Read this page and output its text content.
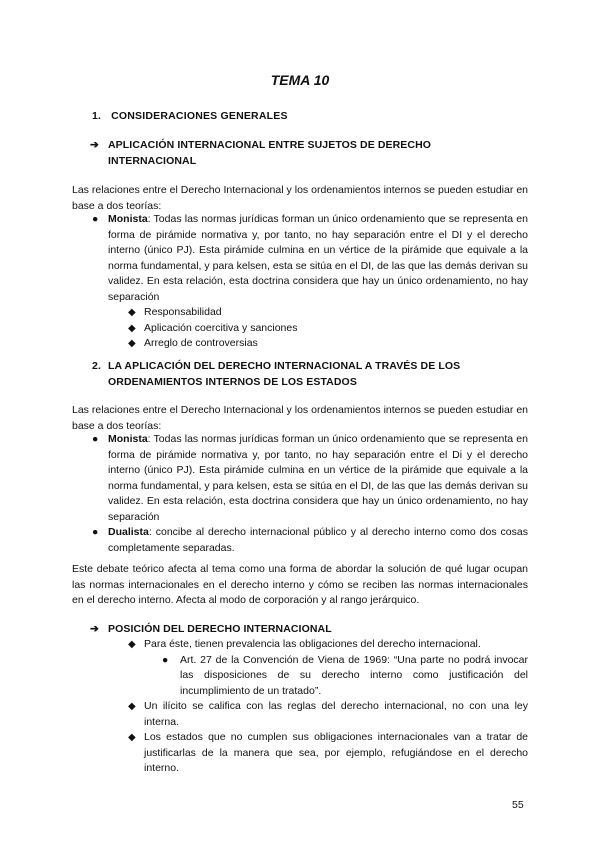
TEMA 10
1. CONSIDERACIONES GENERALES
➔ APLICACIÓN INTERNACIONAL ENTRE SUJETOS DE DERECHO INTERNACIONAL
Las relaciones entre el Derecho Internacional y los ordenamientos internos se pueden estudiar en base a dos teorías:
● Monista: Todas las normas jurídicas forman un único ordenamiento que se representa en forma de pirámide normativa y, por tanto, no hay separación entre el DI y el derecho interno (único PJ). Esta pirámide culmina en un vértice de la pirámide que equivale a la norma fundamental, y para kelsen, esta se sitúa en el DI, de las que las demás derivan su validez. En esta relación, esta doctrina considera que hay un único ordenamiento, no hay separación
◆ Responsabilidad
◆ Aplicación coercitiva y sanciones
◆ Arreglo de controversias
2. LA APLICACIÓN DEL DERECHO INTERNACIONAL A TRAVÉS DE LOS ORDENAMIENTOS INTERNOS DE LOS ESTADOS
Las relaciones entre el Derecho Internacional y los ordenamientos internos se pueden estudiar en base a dos teorías:
● Monista: Todas las normas jurídicas forman un único ordenamiento que se representa en forma de pirámide normativa y, por tanto, no hay separación entre el Di y el derecho interno (único PJ). Esta pirámide culmina en un vértice de la pirámide que equivale a la norma fundamental, y para kelsen, esta se sitúa en el DI, de las que las demás derivan su validez. En esta relación, esta doctrina considera que hay un único ordenamiento, no hay separación
● Dualista: concibe al derecho internacional público y al derecho interno como dos cosas completamente separadas.
Este debate teórico afecta al tema como una forma de abordar la solución de qué lugar ocupan las normas internacionales en el derecho interno y cómo se reciben las normas internacionales en el derecho interno. Afecta al modo de corporación y al rango jerárquico.
➔ POSICIÓN DEL DERECHO INTERNACIONAL
◆ Para éste, tienen prevalencia las obligaciones del derecho internacional.
● Art. 27 de la Convención de Viena de 1969: “Una parte no podrá invocar las disposiciones de su derecho interno como justificación del incumplimiento de un tratado”.
◆ Un ilícito se califica con las reglas del derecho internacional, no con una ley interna.
◆ Los estados que no cumplen sus obligaciones internacionales van a tratar de justificarlas de la manera que sea, por ejemplo, refugiándose en el derecho interno.
55
